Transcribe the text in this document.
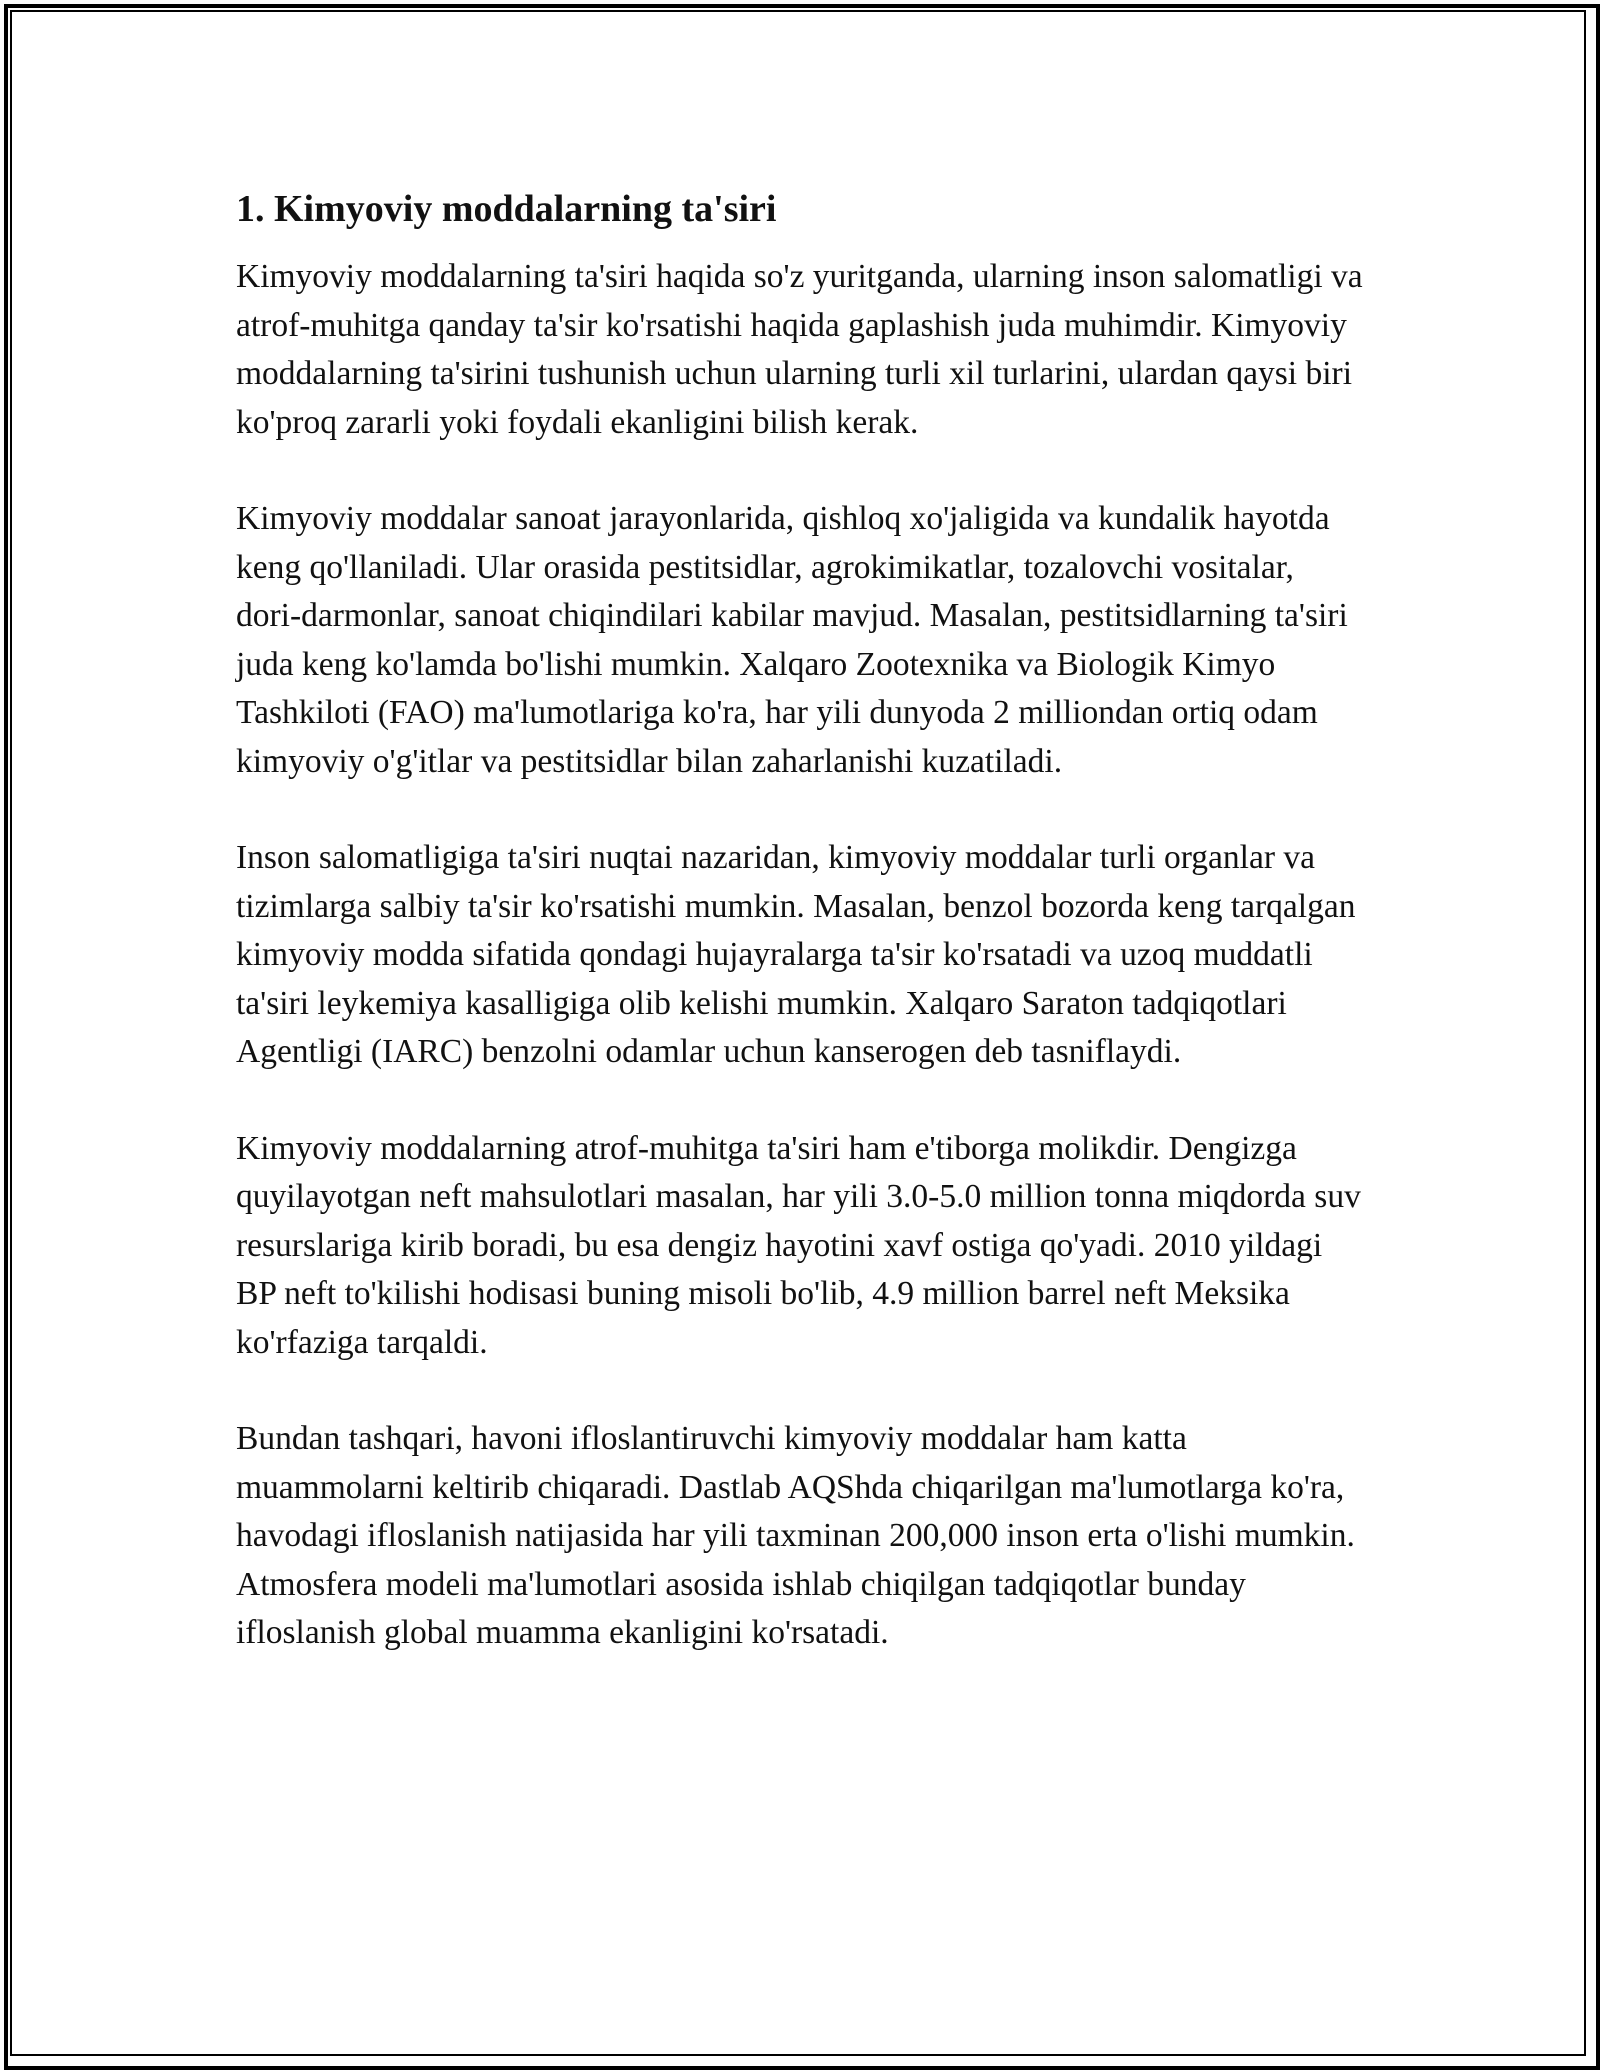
1. Kimyoviy moddalarning ta'siri

Kimyoviy moddalarning ta'siri haqida so'z yuritganda, ularning inson salomatligi va atrof-muhitga qanday ta'sir ko'rsatishi haqida gaplashish juda muhimdir. Kimyoviy moddalarning ta'sirini tushunish uchun ularning turli xil turlarini, ulardan qaysi biri ko'proq zararli yoki foydali ekanligini bilish kerak.

Kimyoviy moddalar sanoat jarayonlarida, qishloq xo'jaligida va kundalik hayotda keng qo'llaniladi. Ular orasida pestitsidlar, agrokimikatlar, tozalovchi vositalar, dori-darmonlar, sanoat chiqindilari kabilar mavjud. Masalan, pestitsidlarning ta'siri juda keng ko'lamda bo'lishi mumkin. Xalqaro Zootexnika va Biologik Kimyo Tashkiloti (FAO) ma'lumotlariga ko'ra, har yili dunyoda 2 milliondan ortiq odam kimyoviy o'g'itlar va pestitsidlar bilan zaharlanishi kuzatiladi.

Inson salomatligiga ta'siri nuqtai nazaridan, kimyoviy moddalar turli organlar va tizimlarga salbiy ta'sir ko'rsatishi mumkin. Masalan, benzol bozorda keng tarqalgan kimyoviy modda sifatida qondagi hujayralarga ta'sir ko'rsatadi va uzoq muddatli ta'siri leykemiya kasalligiga olib kelishi mumkin. Xalqaro Saraton tadqiqotlari Agentligi (IARC) benzolni odamlar uchun kanserogen deb tasniflaydi.

Kimyoviy moddalarning atrof-muhitga ta'siri ham e'tiborga molikdir. Dengizga quyilayotgan neft mahsulotlari masalan, har yili 3.0-5.0 million tonna miqdorda suv resurslariga kirib boradi, bu esa dengiz hayotini xavf ostiga qo'yadi. 2010 yildagi BP neft to'kilishi hodisasi buning misoli bo'lib, 4.9 million barrel neft Meksika ko'rfaziga tarqaldi.

Bundan tashqari, havoni ifloslantiruvchi kimyoviy moddalar ham katta muammolarni keltirib chiqaradi. Dastlab AQShda chiqarilgan ma'lumotlarga ko'ra, havodagi ifloslanish natijasida har yili taxminan 200,000 inson erta o'lishi mumkin. Atmosfera modeli ma'lumotlari asosida ishlab chiqilgan tadqiqotlar bunday ifloslanish global muamma ekanligini ko'rsatadi.
